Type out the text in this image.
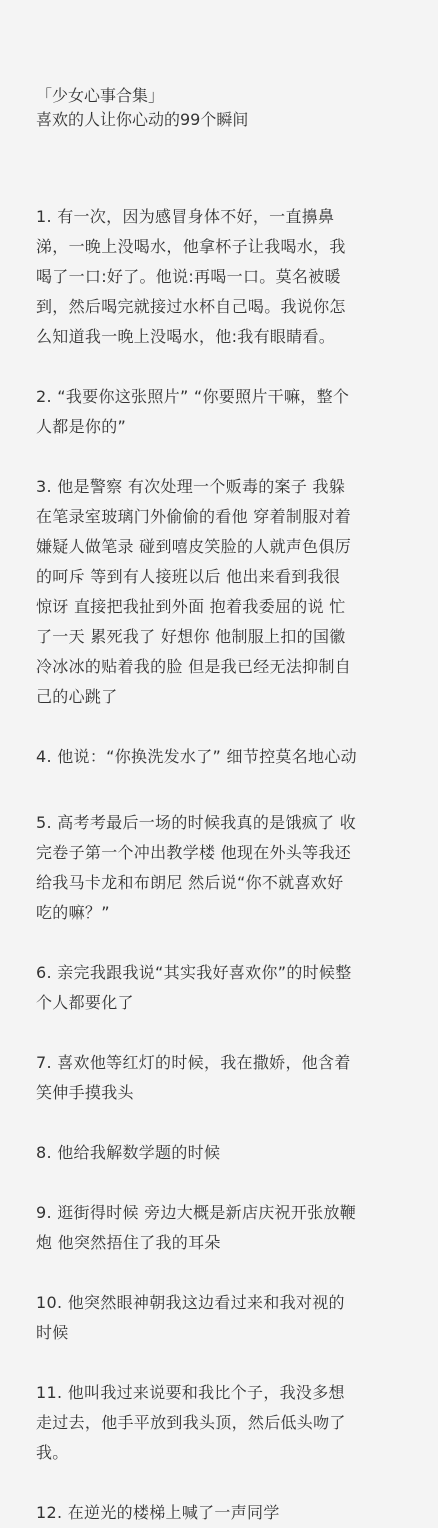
「少女心事合集」
喜欢的人让你心动的99个瞬间

1. 有一次，因为感冒身体不好，一直擤鼻
涕，一晚上没喝水，他拿杯子让我喝水，我
喝了一口:好了。他说:再喝一口。莫名被暖
到，然后喝完就接过水杯自己喝。我说你怎
么知道我一晚上没喝水，他:我有眼睛看。

2. “我要你这张照片” “你要照片干嘛，整个
人都是你的”

3. 他是警察 有次处理一个贩毒的案子 我躲
在笔录室玻璃门外偷偷的看他 穿着制服对着
嫌疑人做笔录 碰到嘻皮笑脸的人就声色俱厉
的呵斥 等到有人接班以后 他出来看到我很
惊讶 直接把我扯到外面 抱着我委屈的说 忙
了一天 累死我了 好想你 他制服上扣的国徽
冷冰冰的贴着我的脸 但是我已经无法抑制自
己的心跳了

4. 他说：“你换洗发水了” 细节控莫名地心动

5. 高考考最后一场的时候我真的是饿疯了 收
完卷子第一个冲出教学楼 他现在外头等我还
给我马卡龙和布朗尼 然后说“你不就喜欢好
吃的嘛？”

6. 亲完我跟我说“其实我好喜欢你”的时候整
个人都要化了

7. 喜欢他等红灯的时候，我在撒娇，他含着
笑伸手摸我头

8. 他给我解数学题的时候

9. 逛街得时候 旁边大概是新店庆祝开张放鞭
炮 他突然捂住了我的耳朵

10. 他突然眼神朝我这边看过来和我对视的
时候

11. 他叫我过来说要和我比个子，我没多想
走过去，他手平放到我头顶，然后低头吻了
我。

12. 在逆光的楼梯上喊了一声同学
